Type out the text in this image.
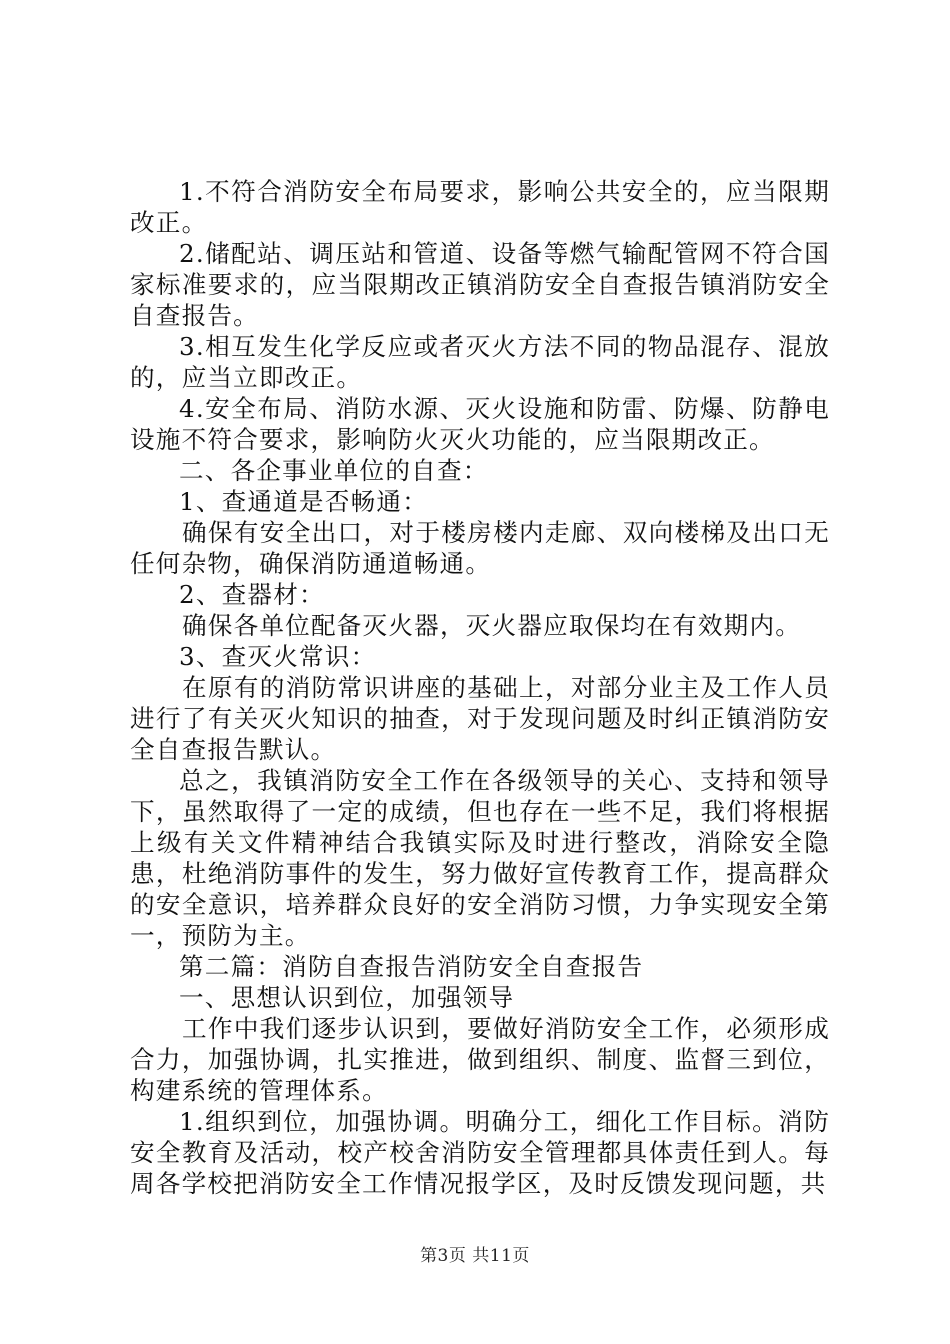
1.不符合消防安全布局要求，影响公共安全的，应当限期改正。

2.储配站、调压站和管道、设备等燃气输配管网不符合国家标准要求的，应当限期改正镇消防安全自查报告镇消防安全自查报告。

3.相互发生化学反应或者灭火方法不同的物品混存、混放的，应当立即改正。

4.安全布局、消防水源、灭火设施和防雷、防爆、防静电设施不符合要求，影响防火灭火功能的，应当限期改正。

二、各企事业单位的自查：

1、查通道是否畅通：

确保有安全出口，对于楼房楼内走廊、双向楼梯及出口无任何杂物，确保消防通道畅通。

2、查器材：

确保各单位配备灭火器，灭火器应取保均在有效期内。

3、查灭火常识：

在原有的消防常识讲座的基础上，对部分业主及工作人员进行了有关灭火知识的抽查，对于发现问题及时纠正镇消防安全自查报告默认。

总之，我镇消防安全工作在各级领导的关心、支持和领导下，虽然取得了一定的成绩，但也存在一些不足，我们将根据上级有关文件精神结合我镇实际及时进行整改，消除安全隐患，杜绝消防事件的发生，努力做好宣传教育工作，提高群众的安全意识，培养群众良好的安全消防习惯，力争实现安全第一，预防为主。

第二篇：消防自查报告消防安全自查报告

一、思想认识到位，加强领导

工作中我们逐步认识到，要做好消防安全工作，必须形成合力，加强协调，扎实推进，做到组织、制度、监督三到位，构建系统的管理体系。

1.组织到位，加强协调。明确分工，细化工作目标。消防安全教育及活动，校产校舍消防安全管理都具体责任到人。每周各学校把消防安全工作情况报学区，及时反馈发现问题，共

第3页 共11页
